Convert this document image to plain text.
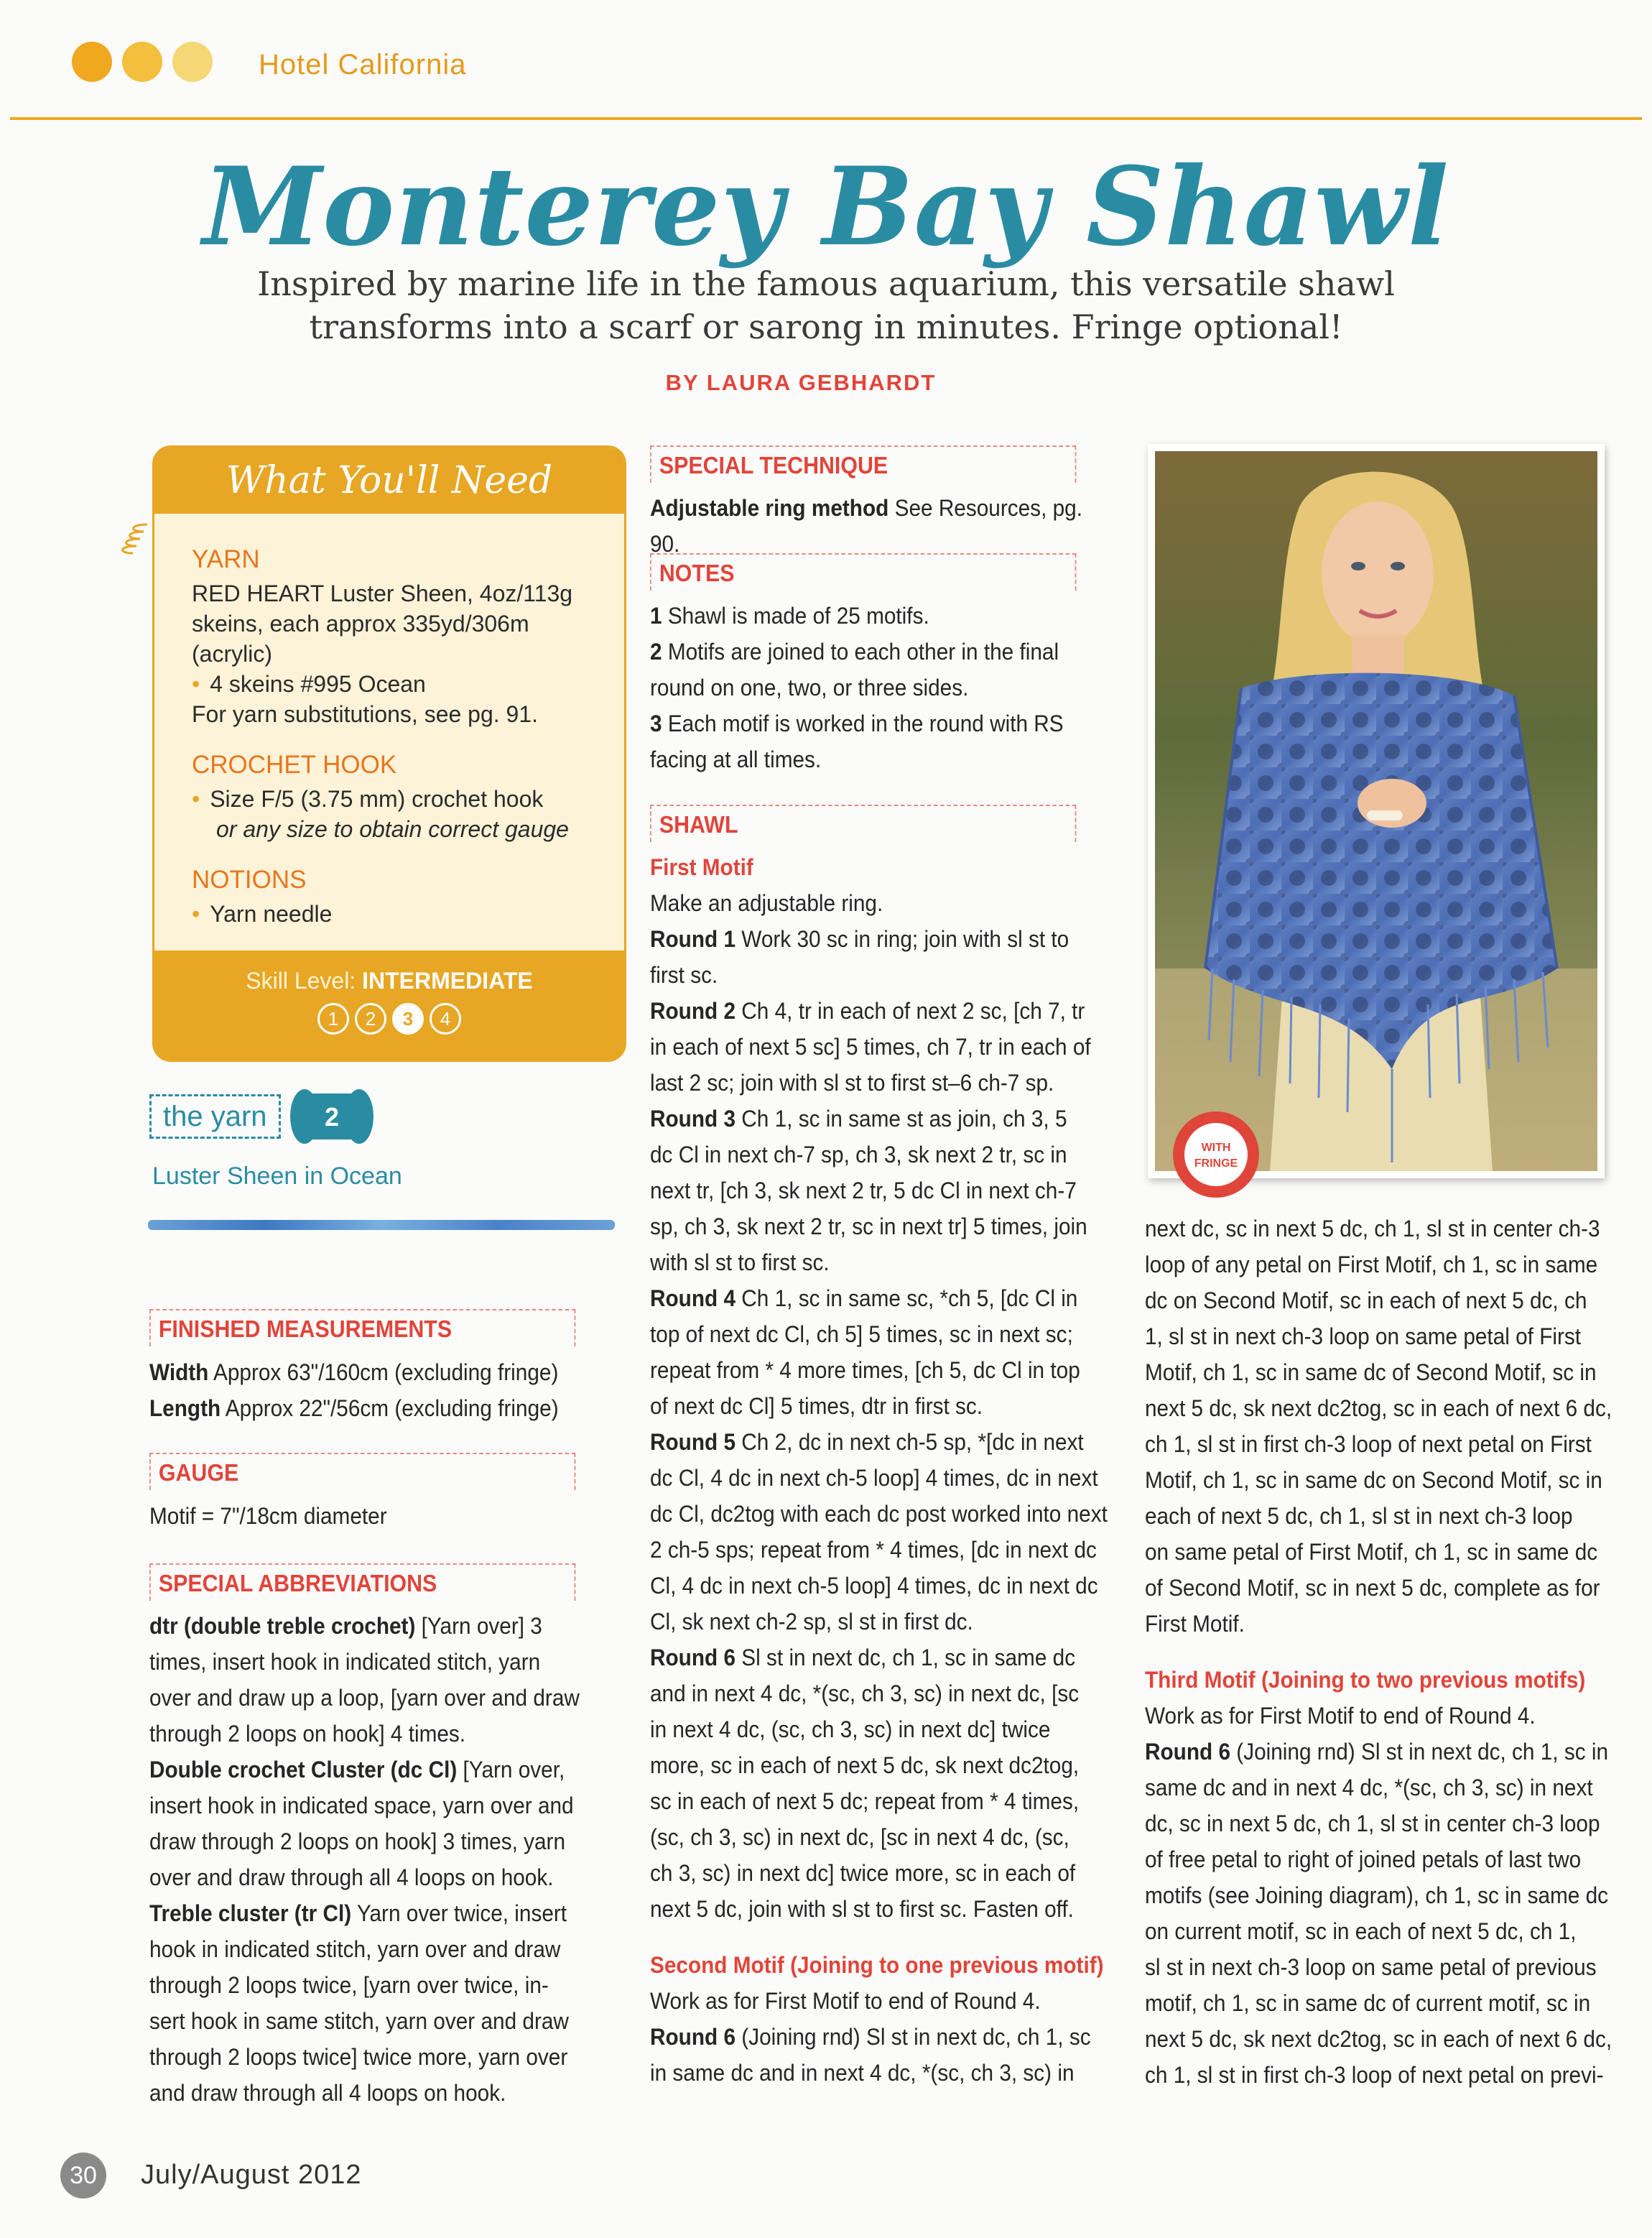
Hotel California
Monterey Bay Shawl
Inspired by marine life in the famous aquarium, this versatile shawl
transforms into a scarf or sarong in minutes. Fringe optional!
BY LAURA GEBHARDT
What You'll Need
YARN
RED HEART Luster Sheen, 4oz/113g
skeins, each approx 335yd/306m
(acrylic)
• 4 skeins #995 Ocean
For yarn substitutions, see pg. 91.
CROCHET HOOK
• Size F/5 (3.75 mm) crochet hook
or any size to obtain correct gauge
NOTIONS
• Yarn needle
Skill Level: INTERMEDIATE
1	2	3	4
the yarn	2
Luster Sheen in Ocean
FINISHED MEASUREMENTS
Width Approx 63"/160cm (excluding fringe)
Length Approx 22"/56cm (excluding fringe)
GAUGE
Motif = 7"/18cm diameter
SPECIAL ABBREVIATIONS
dtr (double treble crochet) [Yarn over] 3
times, insert hook in indicated stitch, yarn
over and draw up a loop, [yarn over and draw
through 2 loops on hook] 4 times.
Double crochet Cluster (dc Cl) [Yarn over,
insert hook in indicated space, yarn over and
draw through 2 loops on hook] 3 times, yarn
over and draw through all 4 loops on hook.
Treble cluster (tr Cl) Yarn over twice, insert
hook in indicated stitch, yarn over and draw
through 2 loops twice, [yarn over twice, in-
sert hook in same stitch, yarn over and draw
through 2 loops twice] twice more, yarn over
and draw through all 4 loops on hook.
SPECIAL TECHNIQUE
Adjustable ring method See Resources, pg. 90.
NOTES
1 Shawl is made of 25 motifs.
2 Motifs are joined to each other in the final
round on one, two, or three sides.
3 Each motif is worked in the round with RS
facing at all times.
SHAWL
First Motif
Make an adjustable ring.
Round 1 Work 30 sc in ring; join with sl st to
first sc.
Round 2 Ch 4, tr in each of next 2 sc, [ch 7, tr
in each of next 5 sc] 5 times, ch 7, tr in each of
last 2 sc; join with sl st to first st–6 ch-7 sp.
Round 3 Ch 1, sc in same st as join, ch 3, 5
dc Cl in next ch-7 sp, ch 3, sk next 2 tr, sc in
next tr, [ch 3, sk next 2 tr, 5 dc Cl in next ch-7
sp, ch 3, sk next 2 tr, sc in next tr] 5 times, join
with sl st to first sc.
Round 4 Ch 1, sc in same sc, *ch 5, [dc Cl in
top of next dc Cl, ch 5] 5 times, sc in next sc;
repeat from * 4 more times, [ch 5, dc Cl in top
of next dc Cl] 5 times, dtr in first sc.
Round 5 Ch 2, dc in next ch-5 sp, *[dc in next
dc Cl, 4 dc in next ch-5 loop] 4 times, dc in next
dc Cl, dc2tog with each dc post worked into next
2 ch-5 sps; repeat from * 4 times, [dc in next dc
Cl, 4 dc in next ch-5 loop] 4 times, dc in next dc
Cl, sk next ch-2 sp, sl st in first dc.
Round 6 Sl st in next dc, ch 1, sc in same dc
and in next 4 dc, *(sc, ch 3, sc) in next dc, [sc
in next 4 dc, (sc, ch 3, sc) in next dc] twice
more, sc in each of next 5 dc, sk next dc2tog,
sc in each of next 5 dc; repeat from * 4 times,
(sc, ch 3, sc) in next dc, [sc in next 4 dc, (sc,
ch 3, sc) in next dc] twice more, sc in each of
next 5 dc, join with sl st to first sc. Fasten off.
Second Motif (Joining to one previous motif)
Work as for First Motif to end of Round 4.
Round 6 (Joining rnd) Sl st in next dc, ch 1, sc
in same dc and in next 4 dc, *(sc, ch 3, sc) in
WITH
FRINGE
next dc, sc in next 5 dc, ch 1, sl st in center ch-3
loop of any petal on First Motif, ch 1, sc in same
dc on Second Motif, sc in each of next 5 dc, ch
1, sl st in next ch-3 loop on same petal of First
Motif, ch 1, sc in same dc of Second Motif, sc in
next 5 dc, sk next dc2tog, sc in each of next 6 dc,
ch 1, sl st in first ch-3 loop of next petal on First
Motif, ch 1, sc in same dc on Second Motif, sc in
each of next 5 dc, ch 1, sl st in next ch-3 loop
on same petal of First Motif, ch 1, sc in same dc
of Second Motif, sc in next 5 dc, complete as for
First Motif.
Third Motif (Joining to two previous motifs)
Work as for First Motif to end of Round 4.
Round 6 (Joining rnd) Sl st in next dc, ch 1, sc in
same dc and in next 4 dc, *(sc, ch 3, sc) in next
dc, sc in next 5 dc, ch 1, sl st in center ch-3 loop
of free petal to right of joined petals of last two
motifs (see Joining diagram), ch 1, sc in same dc
on current motif, sc in each of next 5 dc, ch 1,
sl st in next ch-3 loop on same petal of previous
motif, ch 1, sc in same dc of current motif, sc in
next 5 dc, sk next dc2tog, sc in each of next 6 dc,
ch 1, sl st in first ch-3 loop of next petal on previ-
30	July/August 2012
